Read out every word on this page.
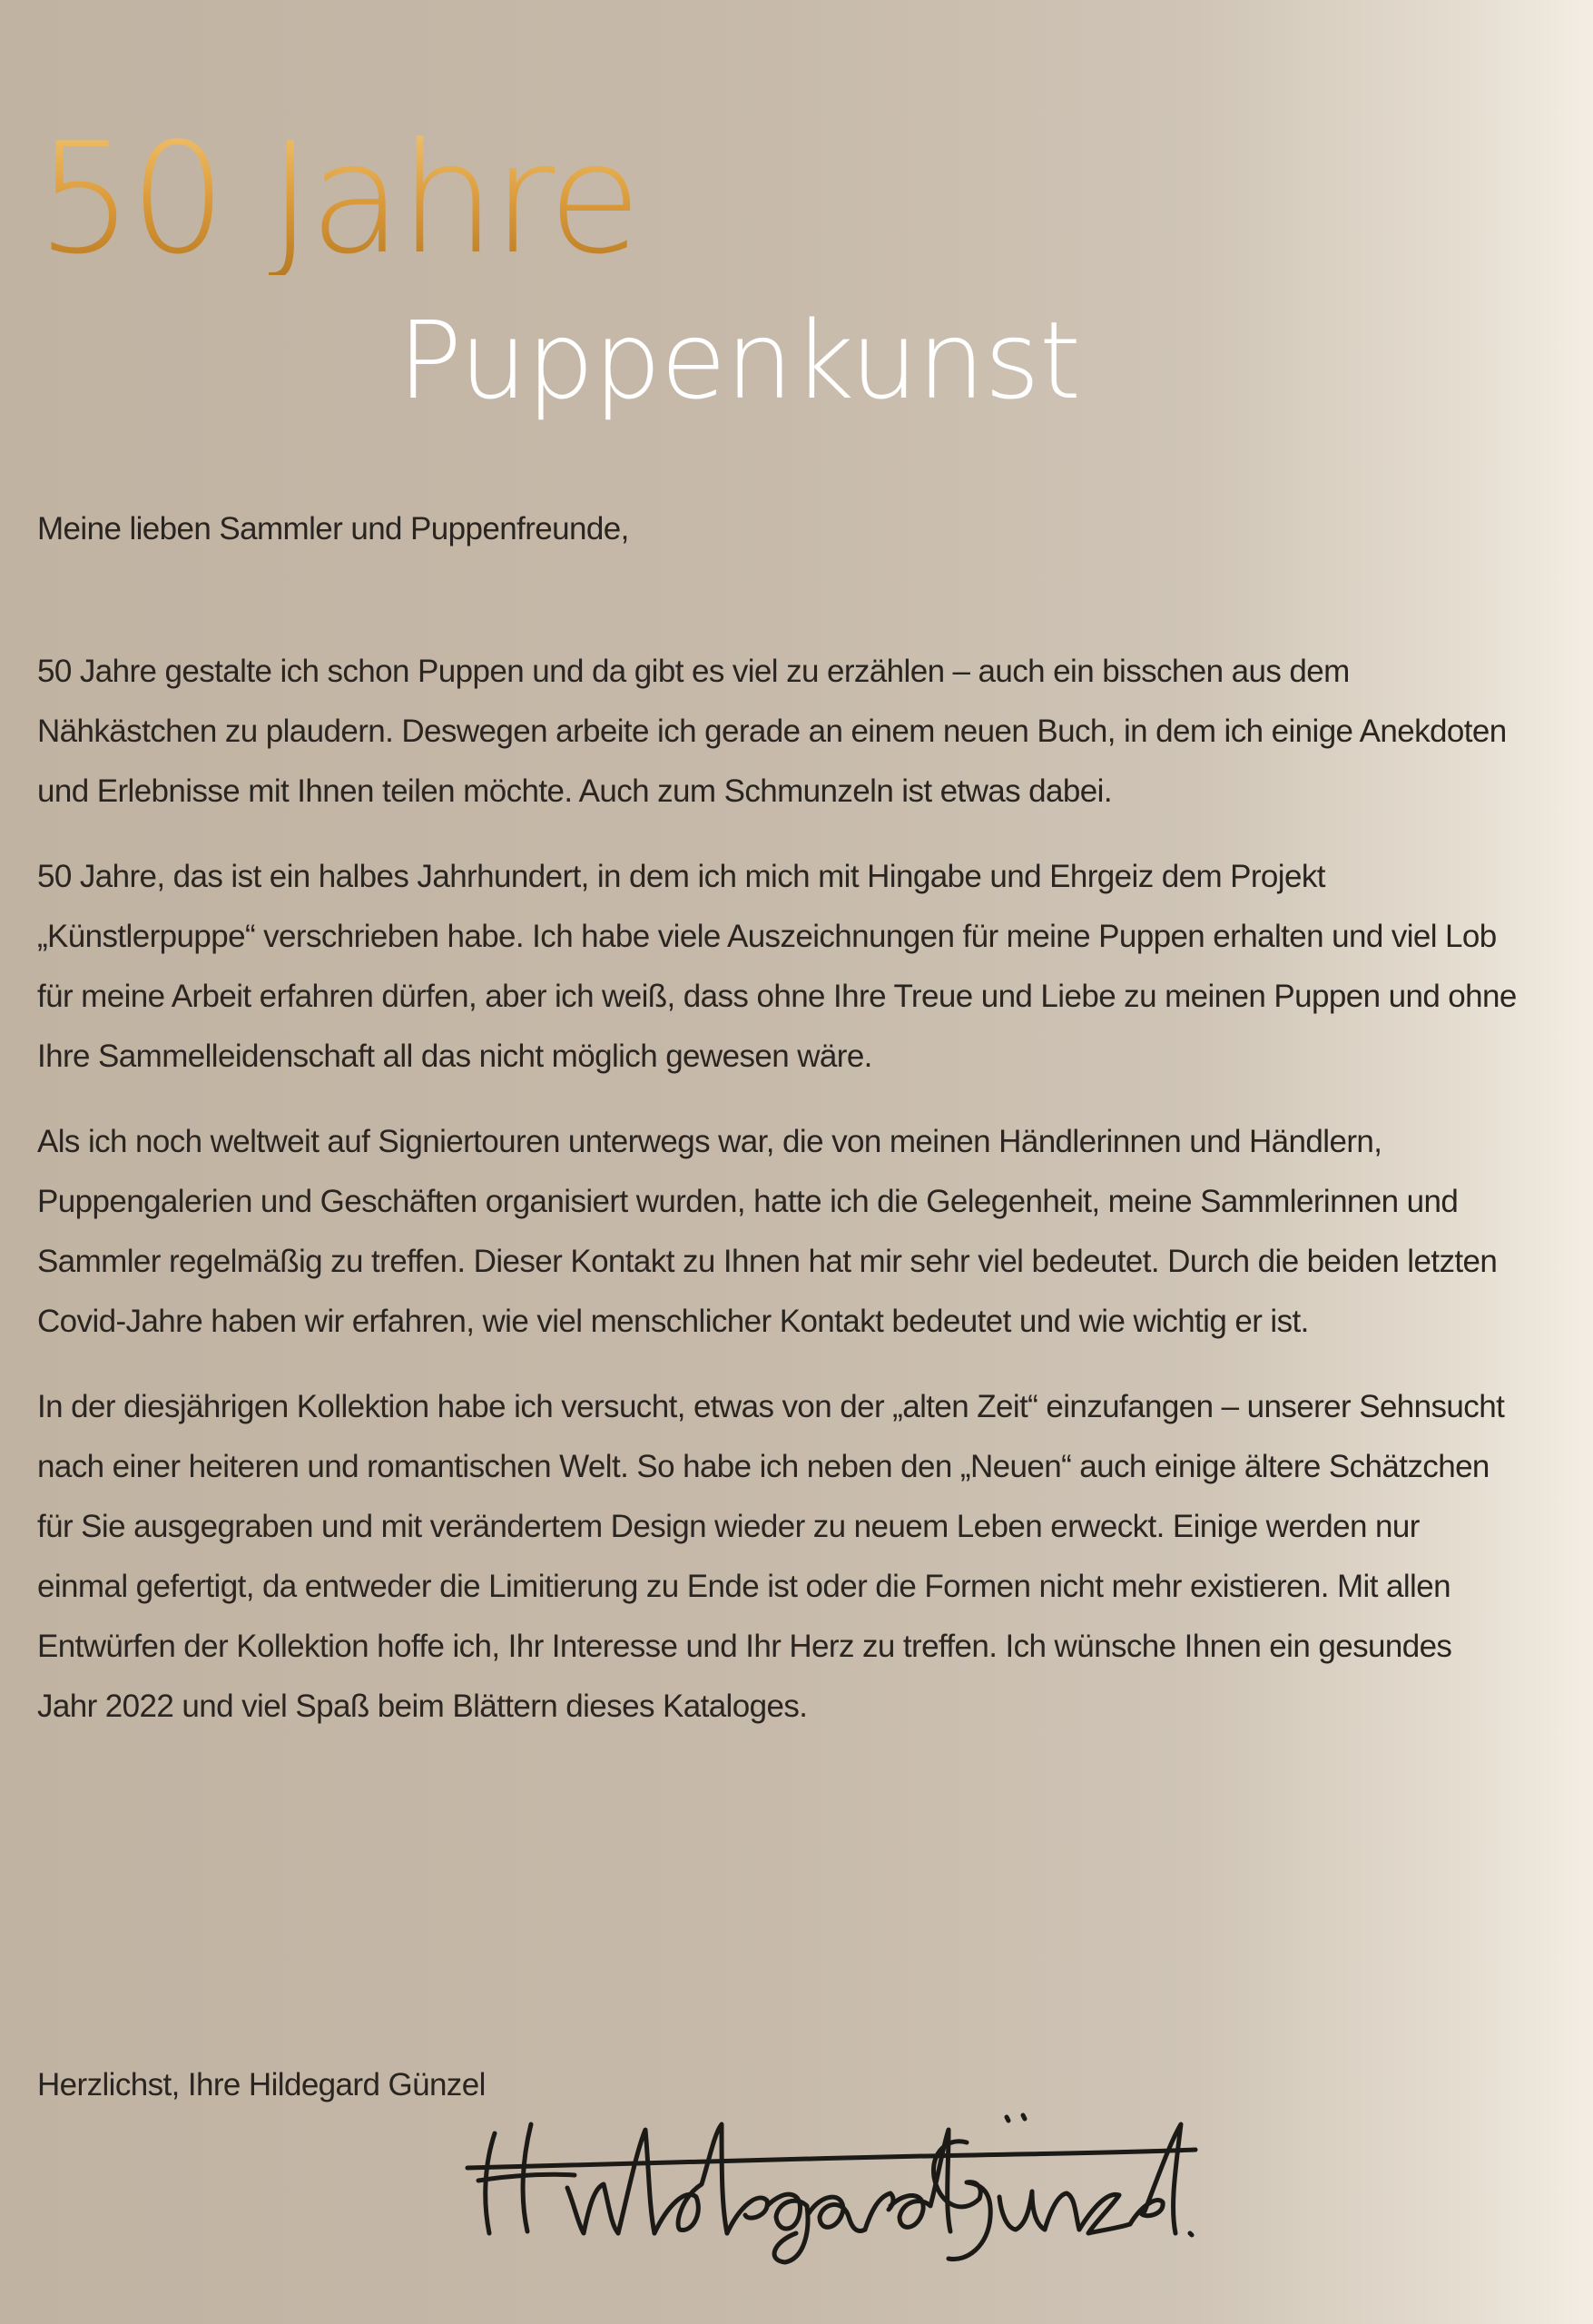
50 Jahre
Puppenkunst

Meine lieben Sammler und Puppenfreunde,

50 Jahre gestalte ich schon Puppen und da gibt es viel zu erzählen – auch ein bisschen aus dem Nähkästchen zu plaudern. Deswegen arbeite ich gerade an einem neuen Buch, in dem ich einige Anekdoten und Erlebnisse mit Ihnen teilen möchte. Auch zum Schmunzeln ist etwas dabei.

50 Jahre, das ist ein halbes Jahrhundert, in dem ich mich mit Hingabe und Ehrgeiz dem Projekt „Künstlerpuppe“ verschrieben habe. Ich habe viele Auszeichnungen für meine Puppen erhalten und viel Lob für meine Arbeit erfahren dürfen, aber ich weiß, dass ohne Ihre Treue und Liebe zu meinen Puppen und ohne Ihre Sammelleidenschaft all das nicht möglich gewesen wäre.

Als ich noch weltweit auf Signiertouren unterwegs war, die von meinen Händlerinnen und Händlern, Puppengalerien und Geschäften organisiert wurden, hatte ich die Gelegenheit, meine Sammlerinnen und Sammler regelmäßig zu treffen. Dieser Kontakt zu Ihnen hat mir sehr viel bedeutet. Durch die beiden letzten Covid-Jahre haben wir erfahren, wie viel menschlicher Kontakt bedeutet und wie wichtig er ist.

In der diesjährigen Kollektion habe ich versucht, etwas von der „alten Zeit“ einzufangen – unserer Sehnsucht nach einer heiteren und romantischen Welt. So habe ich neben den „Neuen“ auch einige ältere Schätzchen für Sie ausgegraben und mit verändertem Design wieder zu neuem Leben erweckt. Einige werden nur einmal gefertigt, da entweder die Limitierung zu Ende ist oder die Formen nicht mehr existieren. Mit allen Entwürfen der Kollektion hoffe ich, Ihr Interesse und Ihr Herz zu treffen. Ich wünsche Ihnen ein gesundes Jahr 2022 und viel Spaß beim Blättern dieses Kataloges.

Herzlichst, Ihre Hildegard Günzel
